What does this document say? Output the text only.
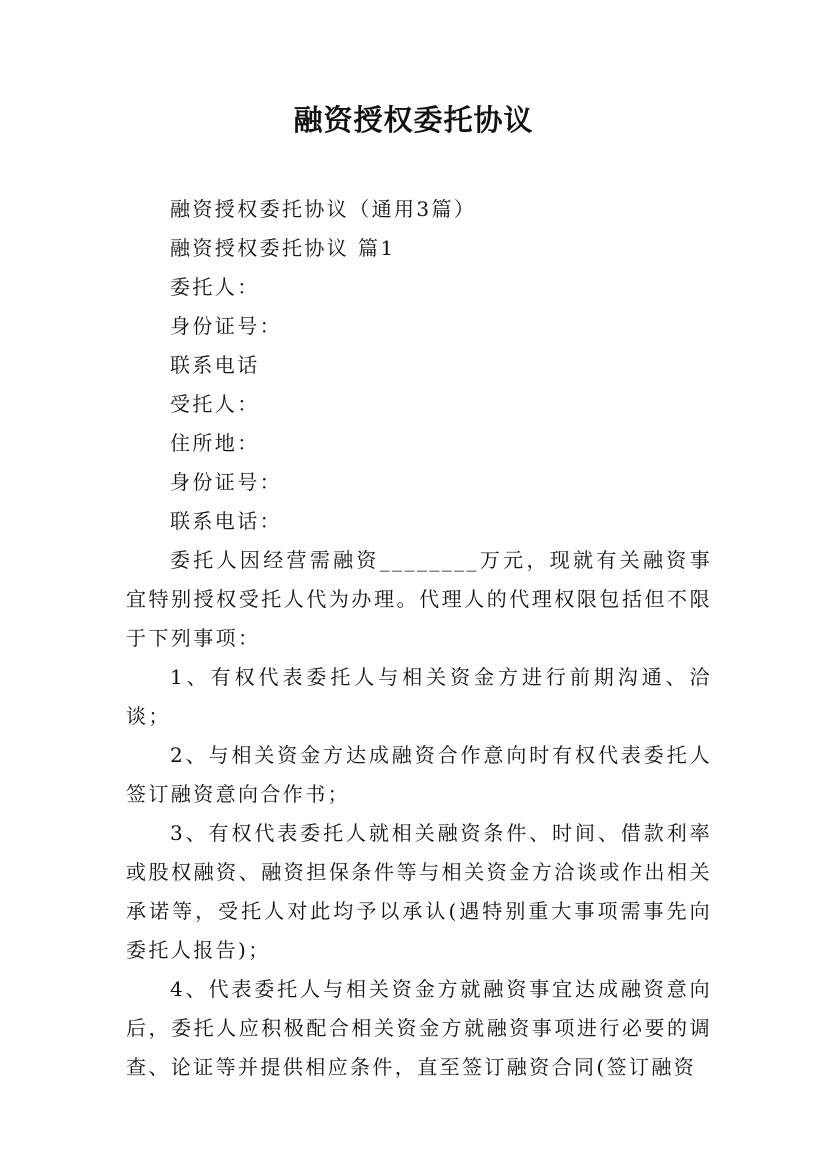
融资授权委托协议

融资授权委托协议（通用3篇）

融资授权委托协议 篇1

委托人：

身份证号：

联系电话

受托人：

住所地：

身份证号：

联系电话：

委托人因经营需融资________万元，现就有关融资事宜特别授权受托人代为办理。代理人的代理权限包括但不限于下列事项：

1、有权代表委托人与相关资金方进行前期沟通、洽谈；

2、与相关资金方达成融资合作意向时有权代表委托人签订融资意向合作书；

3、有权代表委托人就相关融资条件、时间、借款利率或股权融资、融资担保条件等与相关资金方洽谈或作出相关承诺等，受托人对此均予以承认(遇特别重大事项需事先向委托人报告)；

4、代表委托人与相关资金方就融资事宜达成融资意向后，委托人应积极配合相关资金方就融资事项进行必要的调查、论证等并提供相应条件，直至签订融资合同(签订融资
